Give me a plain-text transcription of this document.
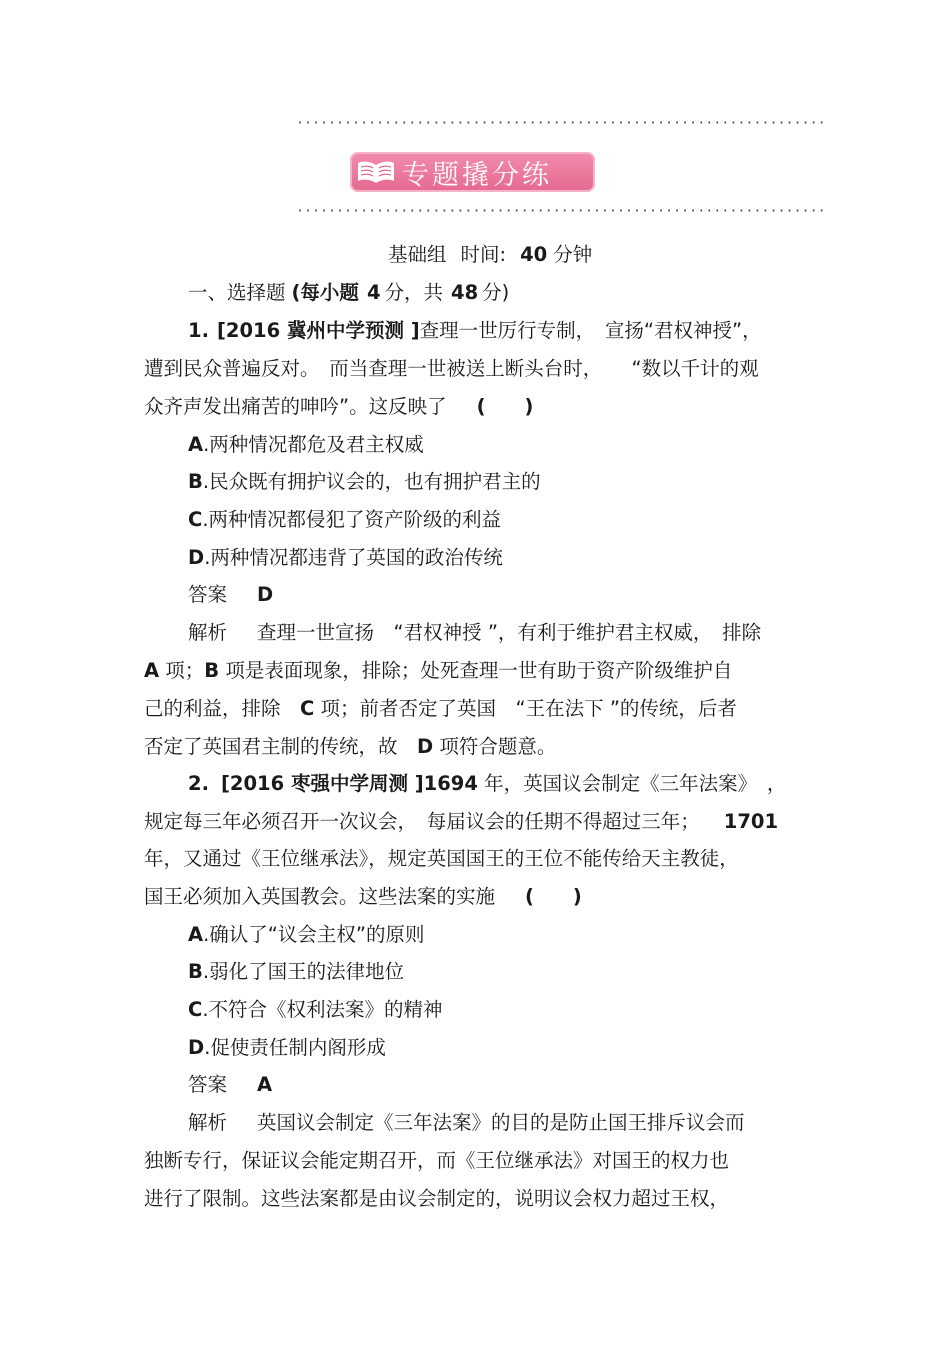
··································································
专题撬分练
··································································
基础组 时间: 40 分钟
一、选择题 (每小题 4 分，共 48 分)
1. [2016 冀州中学预测 ]查理一世厉行专制，　宣扬“君权神授”，
遭到民众普遍反对。　而当查理一世被送上断头台时，　　“数以千计的观
众齐声发出痛苦的呻吟”。这反映了 (　　)
A.两种情况都危及君主权威
B.民众既有拥护议会的，也有拥护君主的
C.两种情况都侵犯了资产阶级的利益
D.两种情况都违背了英国的政治传统
答案 D
解析 查理一世宣扬　“君权神授 ”，有利于维护君主权威，　排除
A 项；B 项是表面现象，排除；处死查理一世有助于资产阶级维护自
己的利益，排除　C 项；前者否定了英国　“王在法下 ”的传统，后者
否定了英国君主制的传统，故　D 项符合题意。
2. [2016 枣强中学周测 ]1694 年，英国议会制定《三年法案》　，
规定每三年必须召开一次议会，　每届议会的任期不得超过三年； 1701
年，又通过《王位继承法》，规定英国国王的王位不能传给天主教徒，
国王必须加入英国教会。这些法案的实施 (　　)
A.确认了“议会主权”的原则
B.弱化了国王的法律地位
C.不符合《权利法案》的精神
D.促使责任制内阁形成
答案 A
解析 英国议会制定《三年法案》的目的是防止国王排斥议会而
独断专行，保证议会能定期召开，而《王位继承法》对国王的权力也
进行了限制。这些法案都是由议会制定的，说明议会权力超过王权，
